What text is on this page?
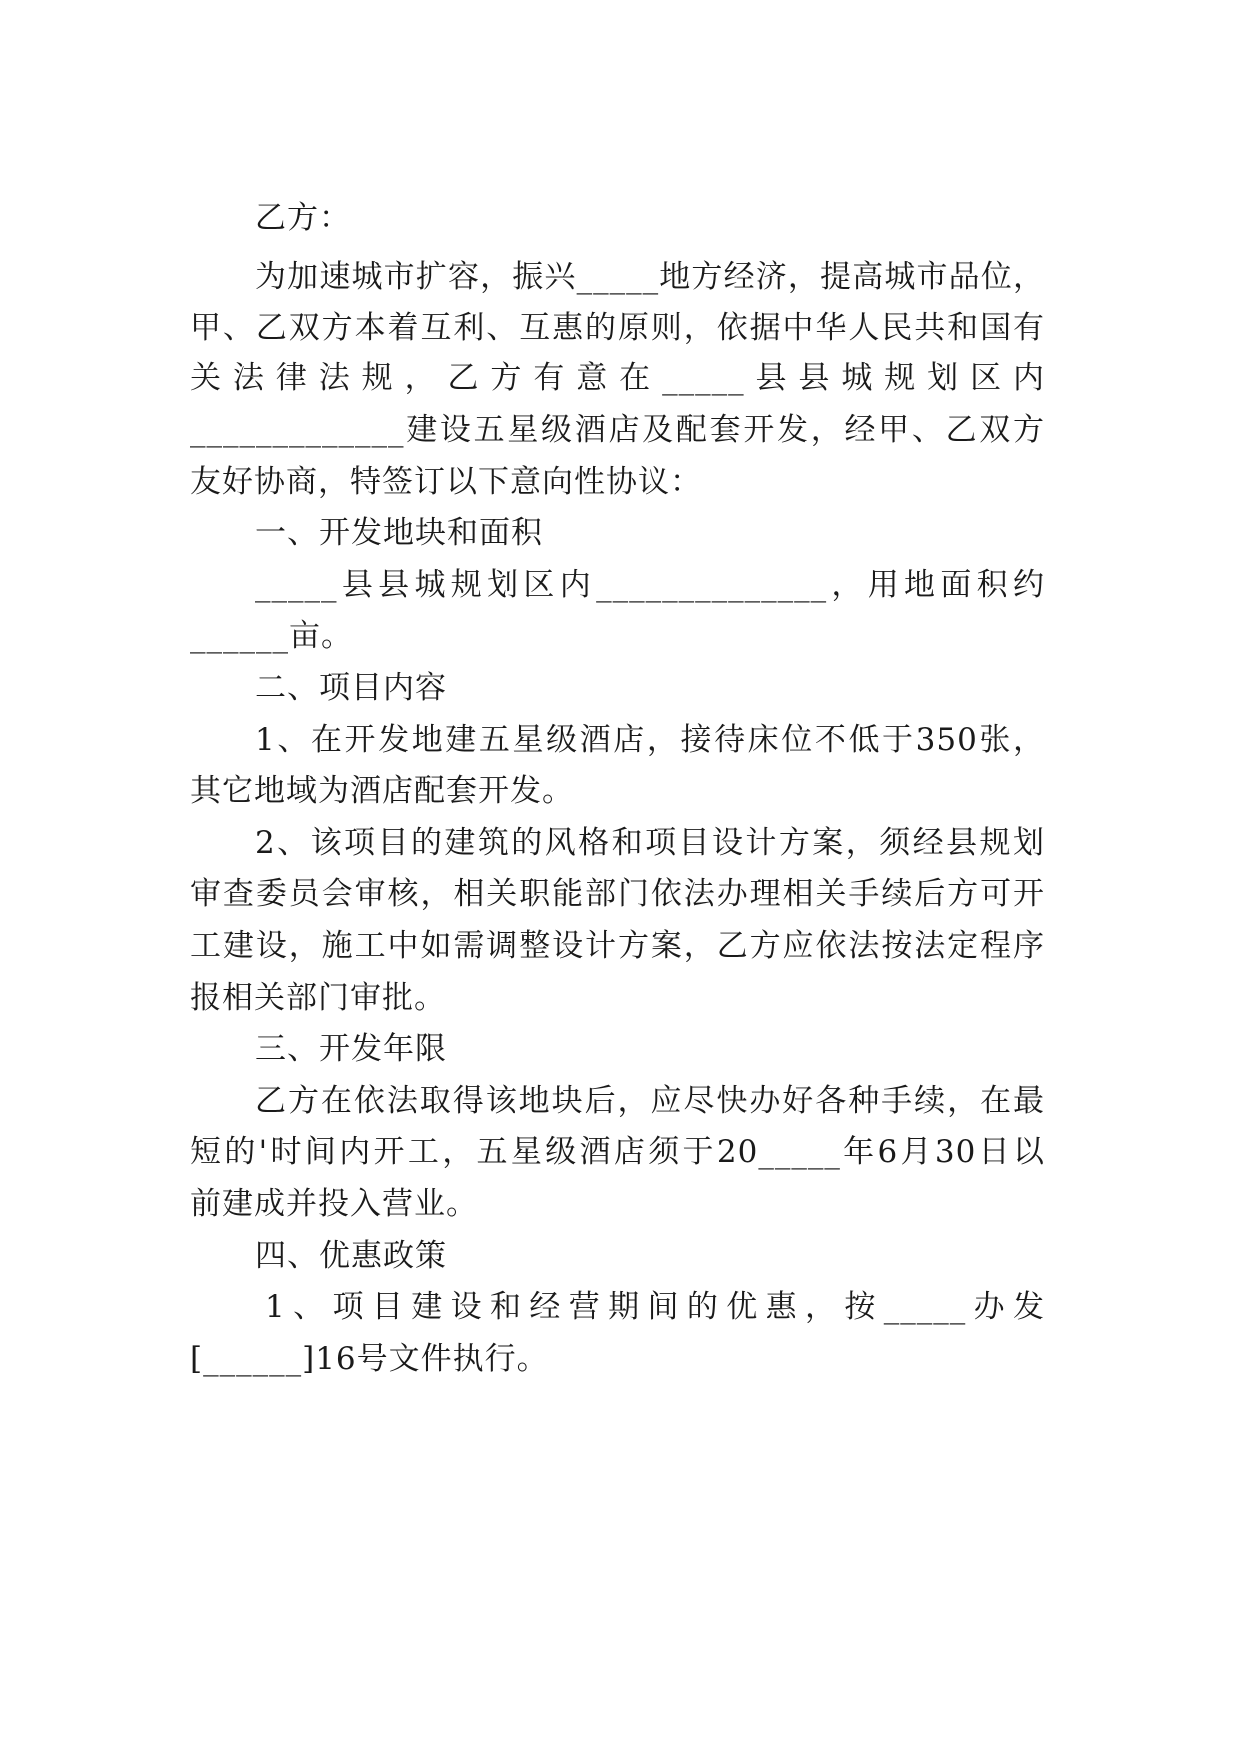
乙方：
为加速城市扩容，振兴_____地方经济，提高城市品位，
甲、乙双方本着互利、互惠的原则，依据中华人民共和国有
关 法 律 法 规 ， 乙 方 有 意 在 _____ 县 县 城 规 划 区 内
_____________建设五星级酒店及配套开发，经甲、乙双方
友好协商，特签订以下意向性协议：
一、开发地块和面积
_____县县城规划区内______________，用地面积约
______亩。
二、项目内容
1、在开发地建五星级酒店，接待床位不低于350张，
其它地域为酒店配套开发。
2、该项目的建筑的风格和项目设计方案，须经县规划
审查委员会审核，相关职能部门依法办理相关手续后方可开
工建设，施工中如需调整设计方案，乙方应依法按法定程序
报相关部门审批。
三、开发年限
乙方在依法取得该地块后，应尽快办好各种手续，在最
短的'时间内开工，五星级酒店须于20_____年6月30日以
前建成并投入营业。
四、优惠政策
1、项目建设和经营期间的优惠，按_____办发
[______]16号文件执行。
